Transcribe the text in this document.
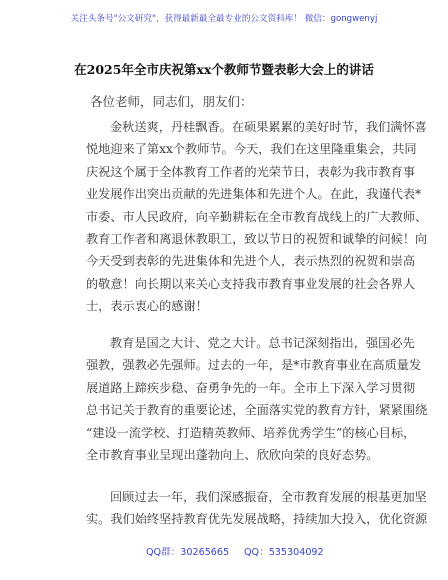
关注头条号"公文研究"，获得最新最全最专业的公文资料库！ 微信：gongwenyj
在2025年全市庆祝第xx个教师节暨表彰大会上的讲话
各位老师，同志们，朋友们：
金秋送爽，丹桂飘香。在硕果累累的美好时节，我们满怀喜
悦地迎来了第xx个教师节。今天，我们在这里隆重集会，共同
庆祝这个属于全体教育工作者的光荣节日，表彰为我市教育事
业发展作出突出贡献的先进集体和先进个人。在此，我谨代表*
市委、市人民政府，向辛勤耕耘在全市教育战线上的广大教师、
教育工作者和离退休教职工，致以节日的祝贺和诚挚的问候！向
今天受到表彰的先进集体和先进个人，表示热烈的祝贺和崇高
的敬意！向长期以来关心支持我市教育事业发展的社会各界人
士，表示衷心的感谢！
教育是国之大计、党之大计。总书记深刻指出，强国必先
强教，强教必先强师。过去的一年，是*市教育事业在高质量发
展道路上蹄疾步稳、奋勇争先的一年。全市上下深入学习贯彻
总书记关于教育的重要论述，全面落实党的教育方针，紧紧围绕
“建设一流学校、打造精英教师、培养优秀学生”的核心目标，
全市教育事业呈现出蓬勃向上、欣欣向荣的良好态势。
回顾过去一年，我们深感振奋，全市教育发展的根基更加坚
实。我们始终坚持教育优先发展战略，持续加大投入，优化资源
QQ群：30265665 QQ：535304092
